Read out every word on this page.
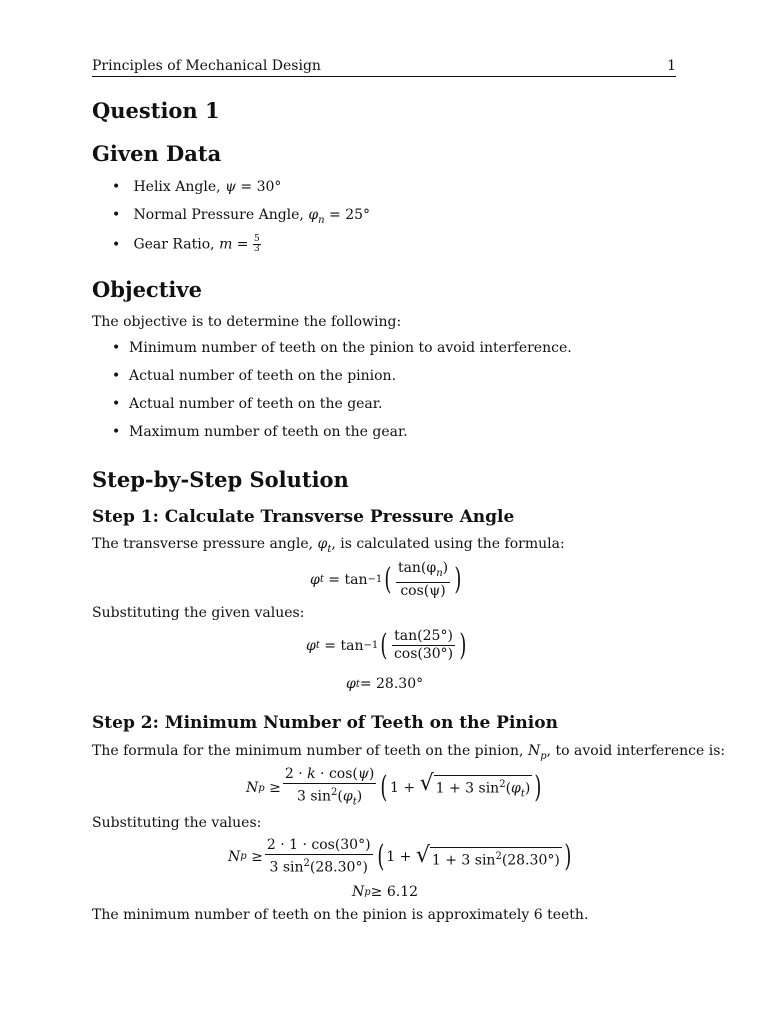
Principles of Mechanical Design	1
Question 1
Given Data
• Helix Angle, ψ = 30°
• Normal Pressure Angle, $\varphi_n = 25^\circ$
• Gear Ratio, $m = \frac{5}{3}$
Objective
The objective is to determine the following:
• Minimum number of teeth on the pinion to avoid interference.
• Actual number of teeth on the pinion.
• Actual number of teeth on the gear.
• Maximum number of teeth on the gear.
Step-by-Step Solution
Step 1: Calculate Transverse Pressure Angle
The transverse pressure angle, $\varphi_t$, is calculated using the formula:
φ t = tan −1 ( $\frac{\tan(\varphi_n)}{\cos(\psi)}$ )
Substituting the given values:
φ t = tan −1 ( $\frac{\tan(25^\circ)}{\cos(30^\circ)}$ )
φ t = 28.30°
Step 2: Minimum Number of Teeth on the Pinion
The formula for the minimum number of teeth on the pinion, $N_p$, to avoid interference is:
N $p \ge \frac{2 \cdot k \cdot \cos(\psi)}{3 \sin^2(\varphi_t)}$ ( 1 + √ 1 + 3 $\sin^2(\varphi_t)$ )
Substituting the values:
N $p \ge \frac{2 \cdot 1 \cdot \cos(30^\circ)}{3 \sin^2(28.30^\circ)}$ ( 1 + √ 1 + 3 $\sin^2(28.30^\circ)$ )
N p ≥ 6.12
The minimum number of teeth on the pinion is approximately 6 teeth.
